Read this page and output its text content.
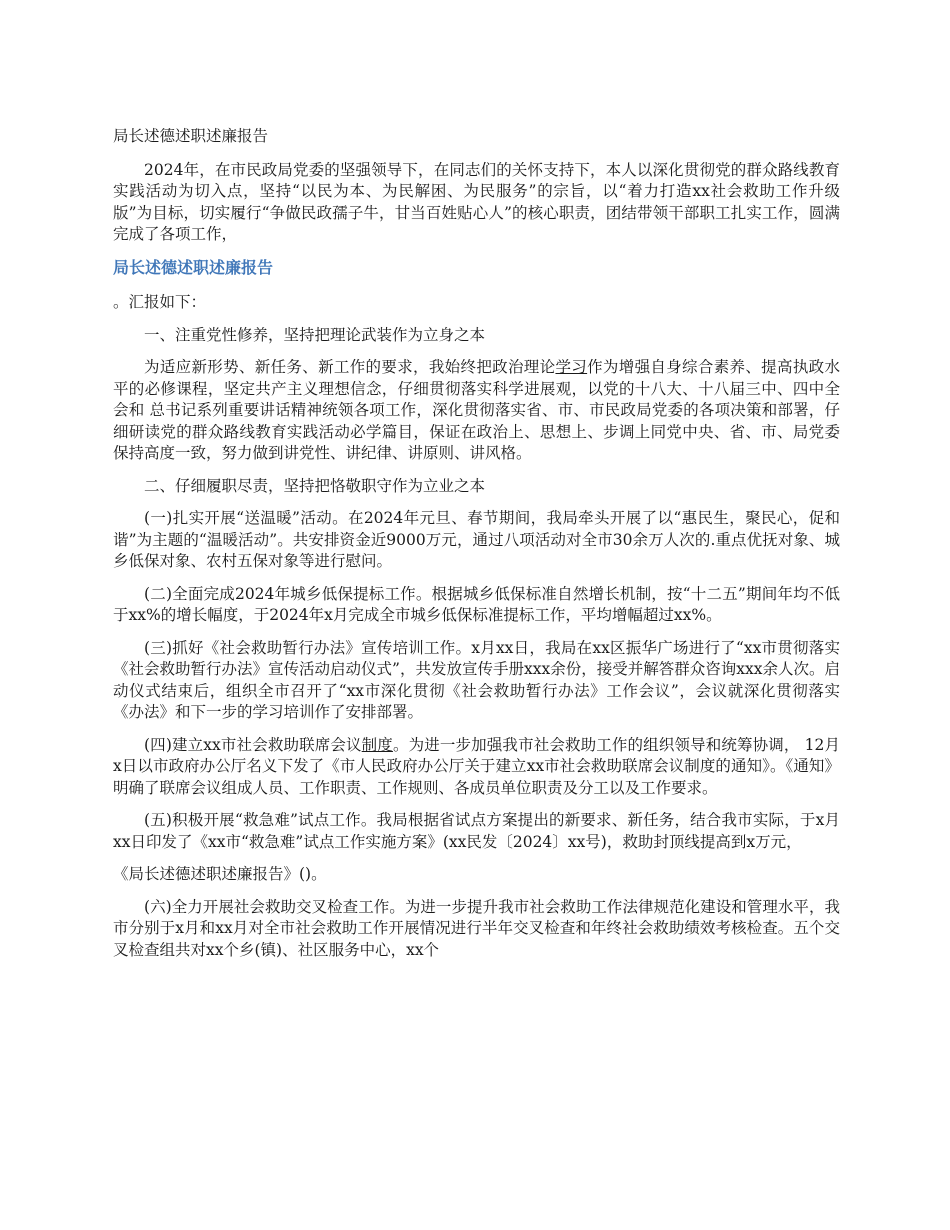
局长述德述职述廉报告

2024年，在市民政局党委的坚强领导下，在同志们的关怀支持下，本人以深化贯彻党的群众路线教育实践活动为切入点，坚持“以民为本、为民解困、为民服务”的宗旨，以“着力打造xx社会救助工作升级版”为目标，切实履行“争做民政孺子牛，甘当百姓贴心人”的核心职责，团结带领干部职工扎实工作，圆满完成了各项工作，

局长述德述职述廉报告

。汇报如下：

一、注重党性修养，坚持把理论武装作为立身之本

为适应新形势、新任务、新工作的要求，我始终把政治理论学习作为增强自身综合素养、提高执政水平的必修课程，坚定共产主义理想信念，仔细贯彻落实科学进展观，以党的十八大、十八届三中、四中全会和 总书记系列重要讲话精神统领各项工作，深化贯彻落实省、市、市民政局党委的各项决策和部署，仔细研读党的群众路线教育实践活动必学篇目，保证在政治上、思想上、步调上同党中央、省、市、局党委保持高度一致，努力做到讲党性、讲纪律、讲原则、讲风格。

二、仔细履职尽责，坚持把恪敬职守作为立业之本

(一)扎实开展“送温暖”活动。在2024年元旦、春节期间，我局牵头开展了以“惠民生，聚民心，促和谐”为主题的“温暖活动”。共安排资金近9000万元，通过八项活动对全市30余万人次的.重点优抚对象、城乡低保对象、农村五保对象等进行慰问。

(二)全面完成2024年城乡低保提标工作。根据城乡低保标准自然增长机制，按“十二五”期间年均不低于xx%的增长幅度，于2024年x月完成全市城乡低保标准提标工作，平均增幅超过xx%。

(三)抓好《社会救助暂行办法》宣传培训工作。x月xx日，我局在xx区振华广场进行了“xx市贯彻落实《社会救助暂行办法》宣传活动启动仪式”，共发放宣传手册xxx余份，接受并解答群众咨询xxx余人次。启动仪式结束后，组织全市召开了“xx市深化贯彻《社会救助暂行办法》工作会议”，会议就深化贯彻落实《办法》和下一步的学习培训作了安排部署。

(四)建立xx市社会救助联席会议制度。为进一步加强我市社会救助工作的组织领导和统筹协调， 12月x日以市政府办公厅名义下发了《市人民政府办公厅关于建立xx市社会救助联席会议制度的通知》。《通知》明确了联席会议组成人员、工作职责、工作规则、各成员单位职责及分工以及工作要求。

(五)积极开展“救急难”试点工作。我局根据省试点方案提出的新要求、新任务，结合我市实际，于x月xx日印发了《xx市“救急难”试点工作实施方案》(xx民发〔2024〕xx号)，救助封顶线提高到x万元，

《局长述德述职述廉报告》()。

(六)全力开展社会救助交叉检查工作。为进一步提升我市社会救助工作法律规范化建设和管理水平，我市分别于x月和xx月对全市社会救助工作开展情况进行半年交叉检查和年终社会救助绩效考核检查。五个交叉检查组共对xx个乡(镇)、社区服务中心，xx个
